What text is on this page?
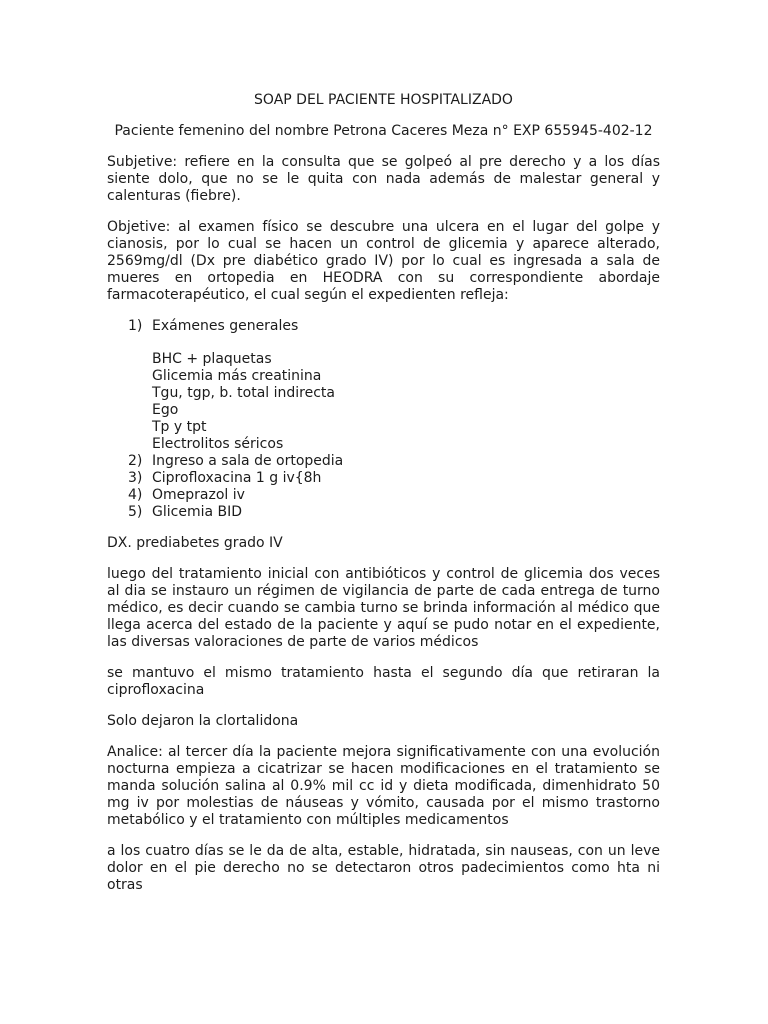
SOAP DEL PACIENTE HOSPITALIZADO

Paciente femenino del nombre Petrona Caceres Meza n° EXP 655945-402-12

Subjetive: refiere en la consulta que se golpeó al pre derecho y a los días siente dolo, que no se le quita con nada además de malestar general y calenturas (fiebre).

Objetive: al examen físico se descubre una ulcera en el lugar del golpe y cianosis, por lo cual se hacen un control de glicemia y aparece alterado, 2569mg/dl (Dx pre diabético grado IV) por lo cual es ingresada a sala de mueres en ortopedia en HEODRA con su correspondiente abordaje farmacoterapéutico, el cual según el expedienten refleja:

1) Exámenes generales
BHC + plaquetas
Glicemia más creatinina
Tgu, tgp, b. total indirecta
Ego
Tp y tpt
Electrolitos séricos
2) Ingreso a sala de ortopedia
3) Ciprofloxacina 1 g iv{8h
4) Omeprazol iv
5) Glicemia BID

DX. prediabetes grado IV

luego del tratamiento inicial con antibióticos y control de glicemia dos veces al dia se instauro un régimen de vigilancia de parte de cada entrega de turno médico, es decir cuando se cambia turno se brinda información al médico que llega acerca del estado de la paciente y aquí se pudo notar en el expediente, las diversas valoraciones de parte de varios médicos

se mantuvo el mismo tratamiento hasta el segundo día que retiraran la ciprofloxacina

Solo dejaron la clortalidona

Analice: al tercer día la paciente mejora significativamente con una evolución nocturna empieza a cicatrizar se hacen modificaciones en el tratamiento se manda solución salina al 0.9% mil cc id y dieta modificada, dimenhidrato 50 mg iv por molestias de náuseas y vómito, causada por el mismo trastorno metabólico y el tratamiento con múltiples medicamentos

a los cuatro días se le da de alta, estable, hidratada, sin nauseas, con un leve dolor en el pie derecho no se detectaron otros padecimientos como hta ni otras
